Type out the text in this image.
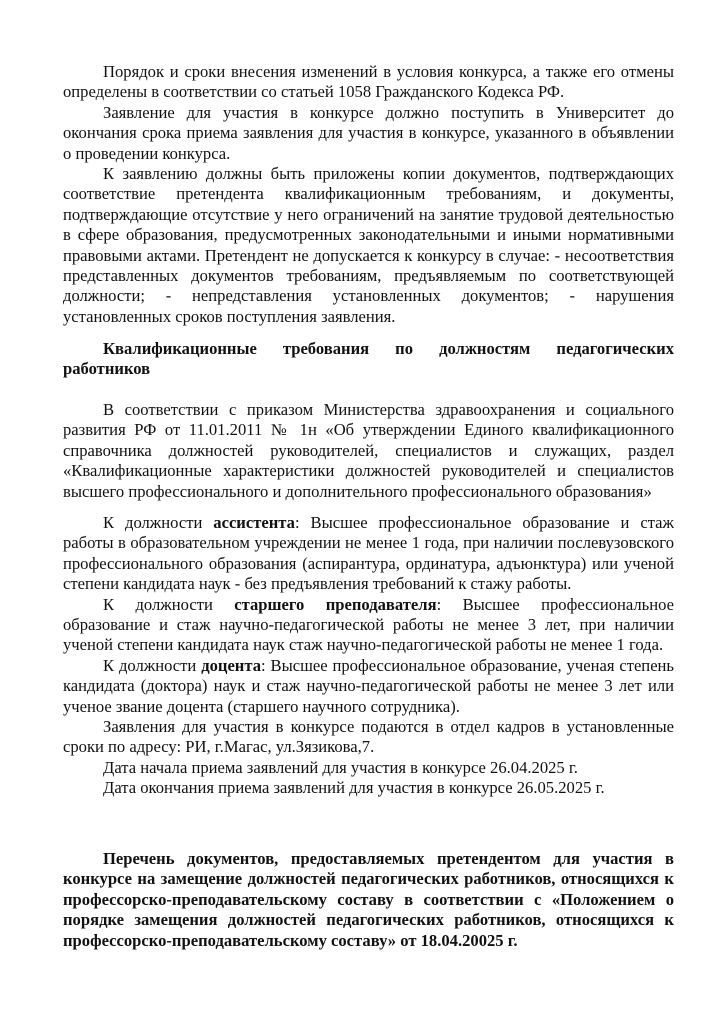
Порядок и сроки внесения изменений в условия конкурса, а также его отмены определены в соответствии со статьей 1058 Гражданского Кодекса РФ.

Заявление для участия в конкурсе должно поступить в Университет до окончания срока приема заявления для участия в конкурсе, указанного в объявлении о проведении конкурса.

К заявлению должны быть приложены копии документов, подтверждающих соответствие претендента квалификационным требованиям, и документы, подтверждающие отсутствие у него ограничений на занятие трудовой деятельностью в сфере образования, предусмотренных законодательными и иными нормативными правовыми актами. Претендент не допускается к конкурсу в случае: - несоответствия представленных документов требованиям, предъявляемым по соответствующей должности; - непредставления установленных документов; - нарушения установленных сроков поступления заявления.

Квалификационные требования по должностям педагогических работников

В соответствии с приказом Министерства здравоохранения и социального развития РФ от 11.01.2011 № 1н «Об утверждении Единого квалификационного справочника должностей руководителей, специалистов и служащих, раздел «Квалификационные характеристики должностей руководителей и специалистов высшего профессионального и дополнительного профессионального образования»

К должности ассистента: Высшее профессиональное образование и стаж работы в образовательном учреждении не менее 1 года, при наличии послевузовского профессионального образования (аспирантура, ординатура, адъюнктура) или ученой степени кандидата наук - без предъявления требований к стажу работы.

К должности старшего преподавателя: Высшее профессиональное образование и стаж научно-педагогической работы не менее 3 лет, при наличии ученой степени кандидата наук стаж научно-педагогической работы не менее 1 года.

К должности доцента: Высшее профессиональное образование, ученая степень кандидата (доктора) наук и стаж научно-педагогической работы не менее 3 лет или ученое звание доцента (старшего научного сотрудника).

Заявления для участия в конкурсе подаются в отдел кадров в установленные сроки по адресу: РИ, г.Магас, ул.Зязикова,7.

Дата начала приема заявлений для участия в конкурсе 26.04.2025 г.

Дата окончания приема заявлений для участия в конкурсе 26.05.2025 г.

Перечень документов, предоставляемых претендентом для участия в конкурсе на замещение должностей педагогических работников, относящихся к профессорско-преподавательскому составу в соответствии с «Положением о порядке замещения должностей педагогических работников, относящихся к профессорско-преподавательскому составу» от 18.04.20025 г.
